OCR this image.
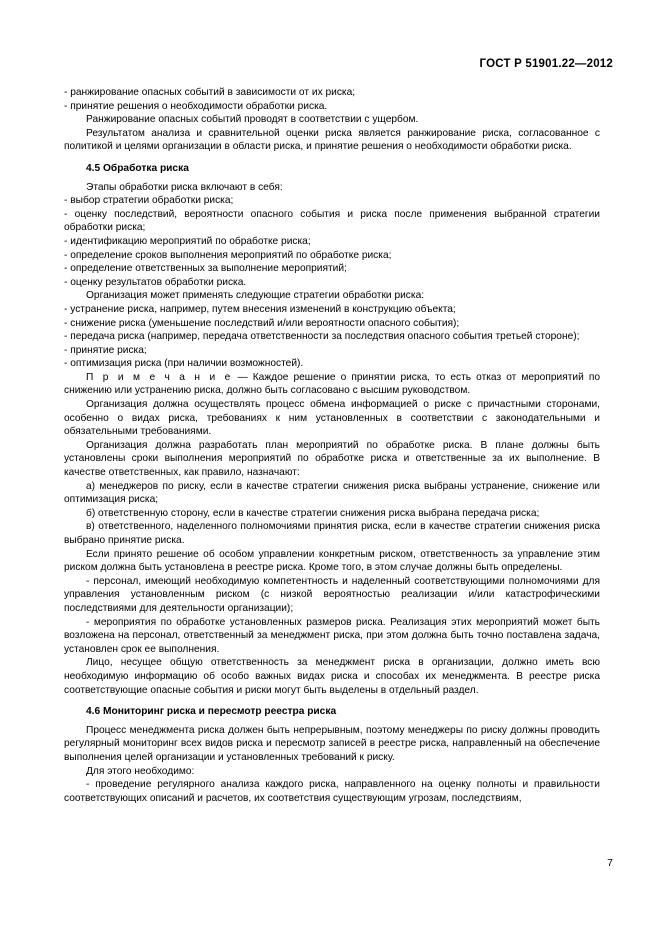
ГОСТ Р 51901.22—2012

- ранжирование опасных событий в зависимости от их риска;

- принятие решения о необходимости обработки риска.

Ранжирование опасных событий проводят в соответствии с ущербом.

Результатом анализа и сравнительной оценки риска является ранжирование риска, согласованное с политикой и целями организации в области риска, и принятие решения о необходимости обработки риска.

4.5 Обработка риска

Этапы обработки риска включают в себя:

- выбор стратегии обработки риска;

- оценку последствий, вероятности опасного события и риска после применения выбранной стратегии обработки риска;

- идентификацию мероприятий по обработке риска;

- определение сроков выполнения мероприятий по обработке риска;

- определение ответственных за выполнение мероприятий;

- оценку результатов обработки риска.

Организация может применять следующие стратегии обработки риска:

- устранение риска, например, путем внесения изменений в конструкцию объекта;

- снижение риска (уменьшение последствий и/или вероятности опасного события);

- передача риска (например, передача ответственности за последствия опасного события третьей стороне);

- принятие риска;

- оптимизация риска (при наличии возможностей).

П р и м е ч а н и е — Каждое решение о принятии риска, то есть отказ от мероприятий по снижению или устранению риска, должно быть согласовано с высшим руководством.

Организация должна осуществлять процесс обмена информацией о риске с причастными сторонами, особенно о видах риска, требованиях к ним установленных в соответствии с законодательными и обязательными требованиями.

Организация должна разработать план мероприятий по обработке риска. В плане должны быть установлены сроки выполнения мероприятий по обработке риска и ответственные за их выполнение. В качестве ответственных, как правило, назначают:

а) менеджеров по риску, если в качестве стратегии снижения риска выбраны устранение, снижение или оптимизация риска;

б) ответственную сторону, если в качестве стратегии снижения риска выбрана передача риска;

в) ответственного, наделенного полномочиями принятия риска, если в качестве стратегии снижения риска выбрано принятие риска.

Если принято решение об особом управлении конкретным риском, ответственность за управление этим риском должна быть установлена в реестре риска. Кроме того, в этом случае должны быть определены.

- персонал, имеющий необходимую компетентность и наделенный соответствующими полномочиями для управления установленным риском (с низкой вероятностью реализации и/или катастрофическими последствиями для деятельности организации);

- мероприятия по обработке установленных размеров риска. Реализация этих мероприятий может быть возложена на персонал, ответственный за менеджмент риска, при этом должна быть точно поставлена задача, установлен срок ее выполнения.

Лицо, несущее общую ответственность за менеджмент риска в организации, должно иметь всю необходимую информацию об особо важных видах риска и способах их менеджмента. В реестре риска соответствующие опасные события и риски могут быть выделены в отдельный раздел.

4.6 Мониторинг риска и пересмотр реестра риска

Процесс менеджмента риска должен быть непрерывным, поэтому менеджеры по риску должны проводить регулярный мониторинг всех видов риска и пересмотр записей в реестре риска, направленный на обеспечение выполнения целей организации и установленных требований к риску.

Для этого необходимо:

- проведение регулярного анализа каждого риска, направленного на оценку полноты и правильности соответствующих описаний и расчетов, их соответствия существующим угрозам, последствиям,

7
